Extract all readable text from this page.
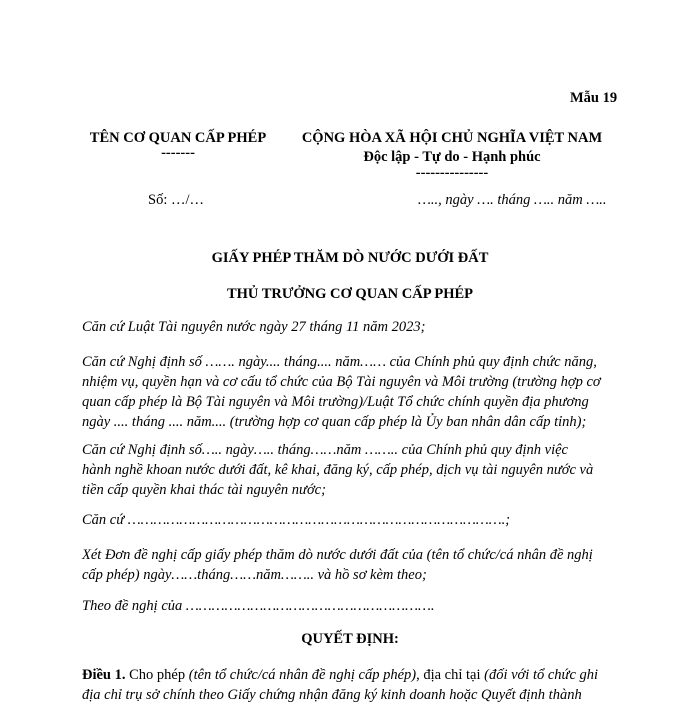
Mẫu 19
TÊN CƠ QUAN CẤP PHÉP
-------
CỘNG HÒA XÃ HỘI CHỦ NGHĨA VIỆT NAM
Độc lập - Tự do - Hạnh phúc
---------------
Số: …/…	….., ngày …. tháng ….. năm …..
GIẤY PHÉP THĂM DÒ NƯỚC DƯỚI ĐẤT
THỦ TRƯỞNG CƠ QUAN CẤP PHÉP
Căn cứ Luật Tài nguyên nước ngày 27 tháng 11 năm 2023;
Căn cứ Nghị định số ……. ngày.... tháng.... năm…… của Chính phủ quy định chức năng,
nhiệm vụ, quyền hạn và cơ cấu tổ chức của Bộ Tài nguyên và Môi trường (trường hợp cơ
quan cấp phép là Bộ Tài nguyên và Môi trường)/Luật Tổ chức chính quyền địa phương
ngày .... tháng .... năm.... (trường hợp cơ quan cấp phép là Ủy ban nhân dân cấp tỉnh);
Căn cứ Nghị định số….. ngày….. tháng……năm …….. của Chính phủ quy định việc
hành nghề khoan nước dưới đất, kê khai, đăng ký, cấp phép, dịch vụ tài nguyên nước và
tiền cấp quyền khai thác tài nguyên nước;
Căn cứ …………………………………………………………………………….;
Xét Đơn đề nghị cấp giấy phép thăm dò nước dưới đất của (tên tổ chức/cá nhân đề nghị
cấp phép) ngày……tháng……năm…….. và hồ sơ kèm theo;
Theo đề nghị của ………………………………………………….
QUYẾT ĐỊNH:
Điều 1. Cho phép (tên tổ chức/cá nhân đề nghị cấp phép), địa chỉ tại (đối với tổ chức ghi
địa chỉ trụ sở chính theo Giấy chứng nhận đăng ký kinh doanh hoặc Quyết định thành
